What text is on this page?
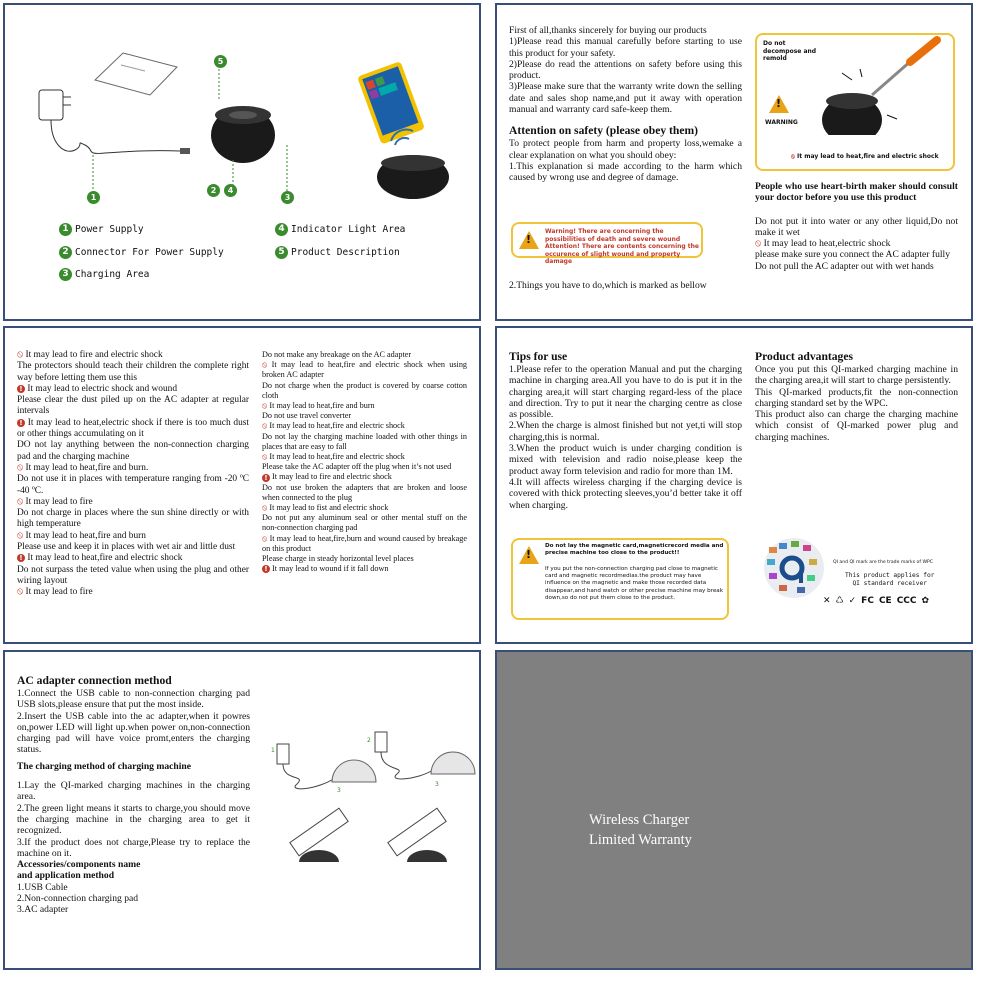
5
1
2	4
3
1 Power Supply
2 Connector For Power Supply
3 Charging Area
4 Indicator Light Area
5 Product Description

First of all,thanks sincerely for buying our products

1)Please read this manual carefully before starting to use this product for your safety.

2)Please do read the attentions on safety before using this product.

3)Please make sure that the warranty write down the selling date and sales shop name,and put it away with operation manual and warranty card safe-keep them.

Attention on safety (please obey them)

To protect people from harm and property loss,wemake a clear explanation on what you should obey:

1.This explanation si made according to the harm which caused by wrong use and degree of damage.

!
Warning! There are concerning the possibilities of death and severe wound
Attention! There are contents concerning the occurence of slight wound and property damage
2.Things you have to do,which is marked as bellow
Do not decompose and remold
!
WARNING
⦸ It may lead to heat,fire and electric shock

People who use heart-birth maker should consult your doctor before you use this product

Do not put it into water or any other liquid,Do not make it wet

⦸ It may lead to heat,electric shock

please make sure you connect the AC adapter fully

Do not pull the AC adapter out with wet hands

⦸ It may lead to fire and electric shock

The protectors should teach their children the complete right way before letting them use this

! It may lead to electric shock and wound

Please clear the dust piled up on the AC adapter at regular intervals

! It may lead to heat,electric shock if there is too much dust or other things accumulating on it

DO not lay anything between the non-connection charging pad and the charging machine

⦸ It may lead to heat,fire and burn.

Do not use it in places with temperature ranging from -20 ºC -40 ºC.

⦸ It may lead to fire

Do not charge in places where the sun shine directly or with high temperature

⦸ It may lead to heat,fire and burn

Please use and keep it in places with wet air and little dust

! It may lead to heat,fire and electric shock

Do not surpass the teted value when using the plug and other wiring layout

⦸ It may lead to fire

Do not make any breakage on the AC adapter

⦸ It may lead to heat,fire and electric shock when using broken AC adapter

Do not charge when the product is covered by coarse cotton cloth

⦸ It may lead to heat,fire and burn

Do not use travel converter

⦸ It may lead to heat,fire and electric shock

Do not lay the charging machine loaded with other things in places that are easy to fall

⦸ It may lead to heat,fire and electric shock

Please take the AC adapter off the plug when it’s not used

! It may lead to fire and electric shock

Do not use broken the adapters that are broken and loose when connected to the plug

⦸ It may lead to fist and electric shock

Do not put any aluminum seal or other mental stuff on the non-connection charging pad

⦸ It may lead to heat,fire,burn and wound caused by breakage on this product

Please charge in steady horizontal level places

! It may lead to wound if it fall down

Tips for use

1.Please refer to the operation Manual and put the charging machine in charging area.All you have to do is put it in the charging area,it will start charging regard-less of the place and direction. Try to put it near the charging centre as close as possible.

2.When the charge is almost finished but not yet,ti will stop charging,this is normal.

3.When the product wuich is under charging condition is mixed with television and radio noise,please keep the product away form television and radio for more than 1M.

4.It will affects wireless charging if the charging device is covered with thick protecting sleeves,you’d better take it off when charging.

!
Do not lay the magnetic card,magneticrecord media and precise machine too close to the product!!
If you put the non-connection charging pad close to magnetic card and magnetic recordmedias.the product may have influence on the magnetic and make those recorded data disappear,and hand watch or other precise machine may break down,so do not put them close to the product.

Product advantages

Once you put this QI-marked charging machine in the charging area,it will start to charge persistently.

This QI-marked products,fit the non-connection charging standard set by the WPC.

This product also can charge the charging machine which consist of QI-marked power plug and charging machines.

QI and QI mark are the trade marks of WPC
This product applies for
QI standard receiver
✕ ♺ ✓ FC CE CCC ✿

AC adapter connection method

1.Connect the USB cable to non-connection charging pad USB slots,please ensure that put the most inside.

2.Insert the USB cable into the ac adapter,when it powres on,power LED will light up.when power on,non-connection charging pad will have voice promt,enters the charging status.

The charging method of charging machine

1.Lay the QI-marked charging machines in the charging area.

2.The green light means it starts to charge,you should move the charging machine in the charging area to get it recognized.

3.If the product does not charge,Please try to replace the machine on it.

Accessories/components name

and application method

1.USB Cable

2.Non-connection charging pad

3.AC adapter

1
2
3
3
Wireless Charger
Limited Warranty
